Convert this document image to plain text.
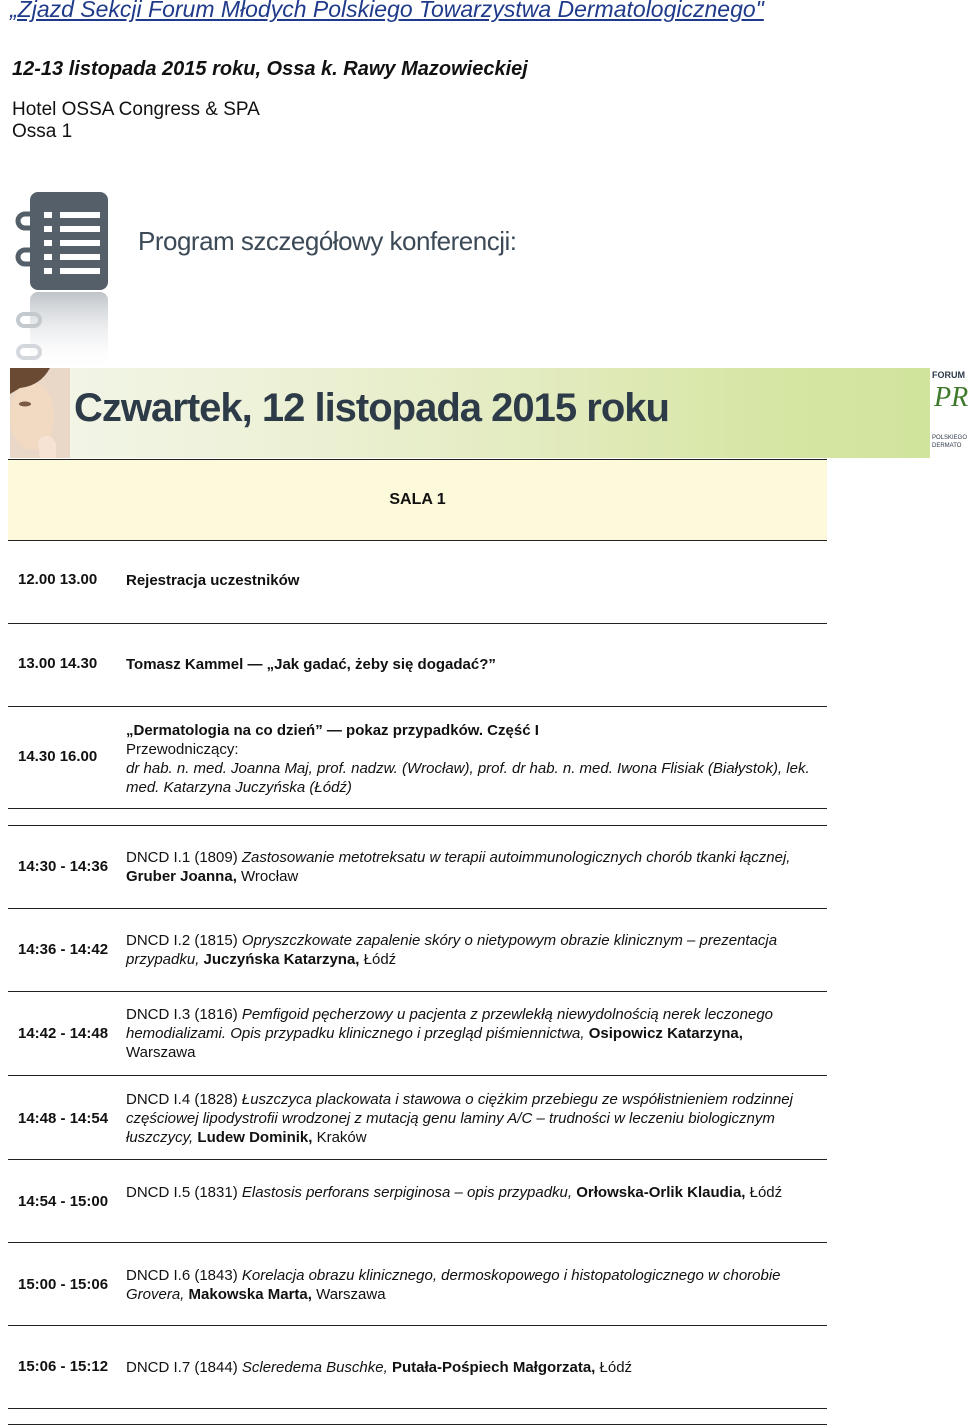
„Zjazd Sekcji Forum Młodych Polskiego Towarzystwa Dermatologicznego"
12-13 listopada 2015 roku, Ossa k. Rawy Mazowieckiej
Hotel OSSA Congress & SPA
Ossa 1
Program szczegółowy konferencji:
Czwartek, 12 listopada 2015 roku
FORUM
PR
POLSKIEGO
DERMATO
SALA 1
12.00 13.00 Rejestracja uczestników
13.00 14.30 Tomasz Kammel — „Jak gadać, żeby się dogadać?”
14.30 16.00
„Dermatologia na co dzień” — pokaz przypadków. Część I
Przewodniczący:
dr hab. n. med. Joanna Maj, prof. nadzw. (Wrocław), prof. dr hab. n. med. Iwona Flisiak (Białystok), lek. med. Katarzyna Juczyńska (Łódź)
14:30 - 14:36
DNCD I.1 (1809) Zastosowanie metotreksatu w terapii autoimmunologicznych chorób tkanki łącznej, Gruber Joanna, Wrocław
14:36 - 14:42
DNCD I.2 (1815) Opryszczkowate zapalenie skóry o nietypowym obrazie klinicznym – prezentacja przypadku, Juczyńska Katarzyna, Łódź
14:42 - 14:48
DNCD I.3 (1816) Pemfigoid pęcherzowy u pacjenta z przewlekłą niewydolnością nerek leczonego hemodializami. Opis przypadku klinicznego i przegląd piśmiennictwa, Osipowicz Katarzyna, Warszawa
14:48 - 14:54
DNCD I.4 (1828) Łuszczyca plackowata i stawowa o ciężkim przebiegu ze współistnieniem rodzinnej częściowej lipodystrofii wrodzonej z mutacją genu laminy A/C – trudności w leczeniu biologicznym łuszczycy, Ludew Dominik, Kraków
14:54 - 15:00
DNCD I.5 (1831) Elastosis perforans serpiginosa – opis przypadku, Orłowska-Orlik Klaudia, Łódź
15:00 - 15:06
DNCD I.6 (1843) Korelacja obrazu klinicznego, dermoskopowego i histopatologicznego w chorobie Grovera, Makowska Marta, Warszawa
15:06 - 15:12 DNCD I.7 (1844) Scleredema Buschke, Putała-Pośpiech Małgorzata, Łódź
